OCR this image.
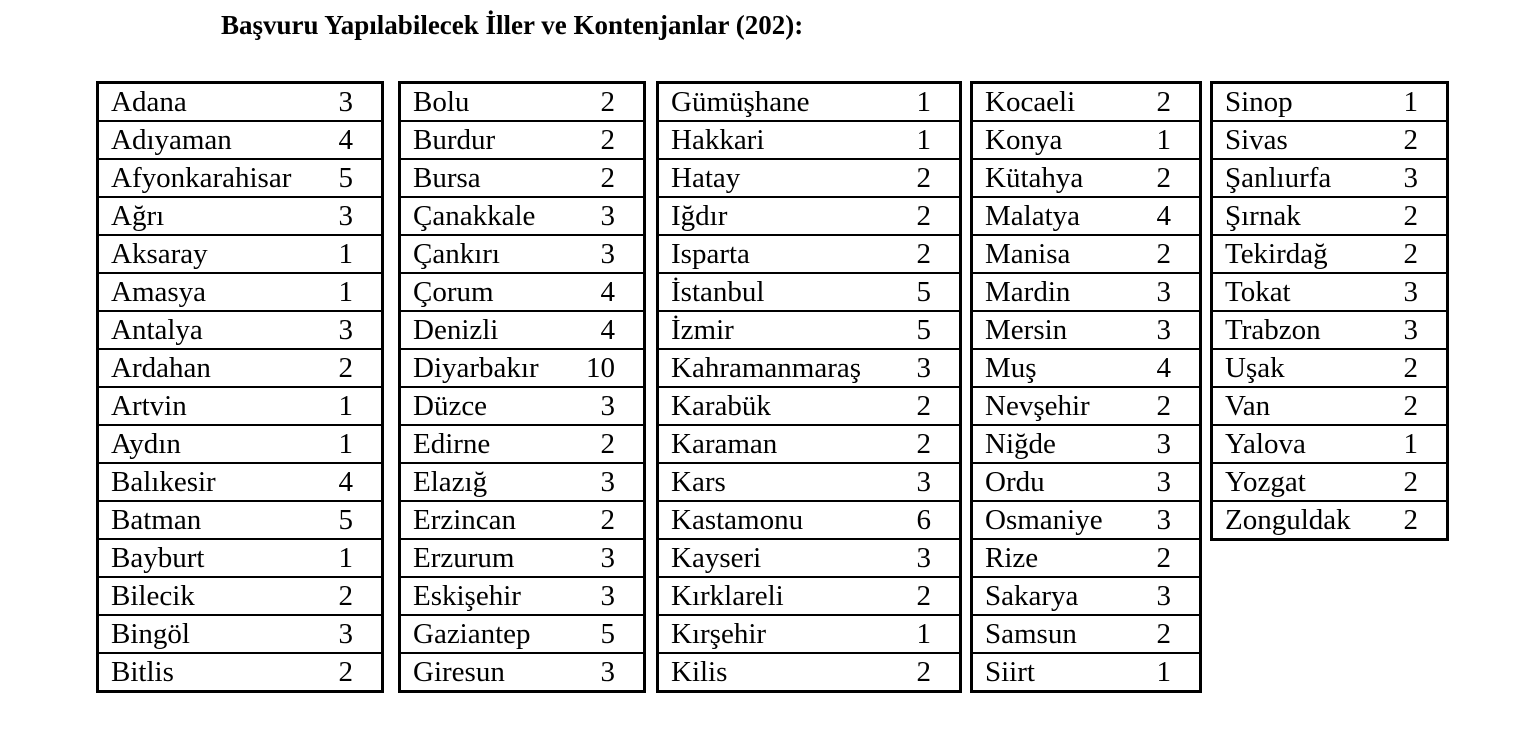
Başvuru Yapılabilecek İller ve Kontenjanlar (202):
Adana	3

Adıyaman	4

Afyonkarahisar 5

Ağrı	3

Aksaray	1

Amasya	1

Antalya	3

Ardahan	2

Artvin	1

Aydın	1

Balıkesir	4

Batman	5

Bayburt	1

Bilecik	2

Bingöl	3

Bitlis	2
Bolu	2

Burdur	2

Bursa	2

Çanakkale 3

Çankırı	3

Çorum	4

Denizli	4

Diyarbakır 10

Düzce	3

Edirne	2

Elazığ	3

Erzincan	2

Erzurum	3

Eskişehir	3

Gaziantep 5

Giresun	3
Gümüşhane	1

Hakkari	1

Hatay	2

Iğdır	2

Isparta	2

İstanbul	5

İzmir	5

Kahramanmaraş 3

Karabük	2

Karaman	2

Kars	3

Kastamonu	6

Kayseri	3

Kırklareli	2

Kırşehir	1

Kilis	2
Kocaeli	2

Konya	1

Kütahya	2

Malatya	4

Manisa	2

Mardin	3

Mersin	3

Muş	4

Nevşehir 2

Niğde	3

Ordu	3

Osmaniye 3

Rize	2

Sakarya	3

Samsun	2

Siirt	1
Sinop	1

Sivas	2

Şanlıurfa 3

Şırnak	2

Tekirdağ	2

Tokat	3

Trabzon	3

Uşak	2

Van	2

Yalova	1

Yozgat	2

Zonguldak 2
